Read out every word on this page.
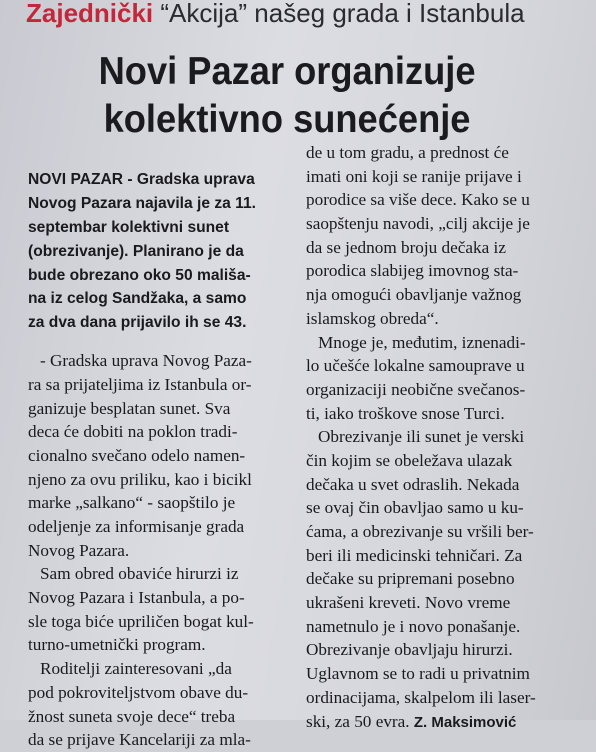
Zajednički “Akcija” našeg grada i Istanbula
Novi Pazar organizuje
kolektivno sunećenje
NOVI PAZAR - Gradska uprava
Novog Pazara najavila je za 11.
septembar kolektivni sunet
(obrezivanje). Planirano je da
bude obrezano oko 50 mališa-
na iz celog Sandžaka, a samo
za dva dana prijavilo ih se 43.
- Gradska uprava Novog Paza-
ra sa prijateljima iz Istanbula or-
ganizuje besplatan sunet. Sva
deca će dobiti na poklon tradi-
cionalno svečano odelo namen-
njeno za ovu priliku, kao i bicikl
marke „salkano“ - saopštilo je
odeljenje za informisanje grada
Novog Pazara.
Sam obred obaviće hirurzi iz
Novog Pazara i Istanbula, a po-
sle toga biće upriličen bogat kul-
turno-umetnički program.
Roditelji zainteresovani „da
pod pokroviteljstvom obave du-
žnost suneta svoje dece“ treba
da se prijave Kancelariji za mla-
de u tom gradu, a prednost će
imati oni koji se ranije prijave i
porodice sa više dece. Kako se u
saopštenju navodi, „cilj akcije je
da se jednom broju dečaka iz
porodica slabijeg imovnog sta-
nja omogući obavljanje važnog
islamskog obreda“.
Mnoge je, međutim, iznenadi-
lo učešće lokalne samouprave u
organizaciji neobične svečanos-
ti, iako troškove snose Turci.
Obrezivanje ili sunet je verski
čin kojim se obeležava ulazak
dečaka u svet odraslih. Nekada
se ovaj čin obavljao samo u ku-
ćama, a obrezivanje su vršili ber-
beri ili medicinski tehničari. Za
dečake su pripremani posebno
ukrašeni kreveti. Novo vreme
nametnulo je i novo ponašanje.
Obrezivanje obavljaju hirurzi.
Uglavnom se to radi u privatnim
ordinacijama, skalpelom ili laser-
ski, za 50 evra. Z. Maksimović
